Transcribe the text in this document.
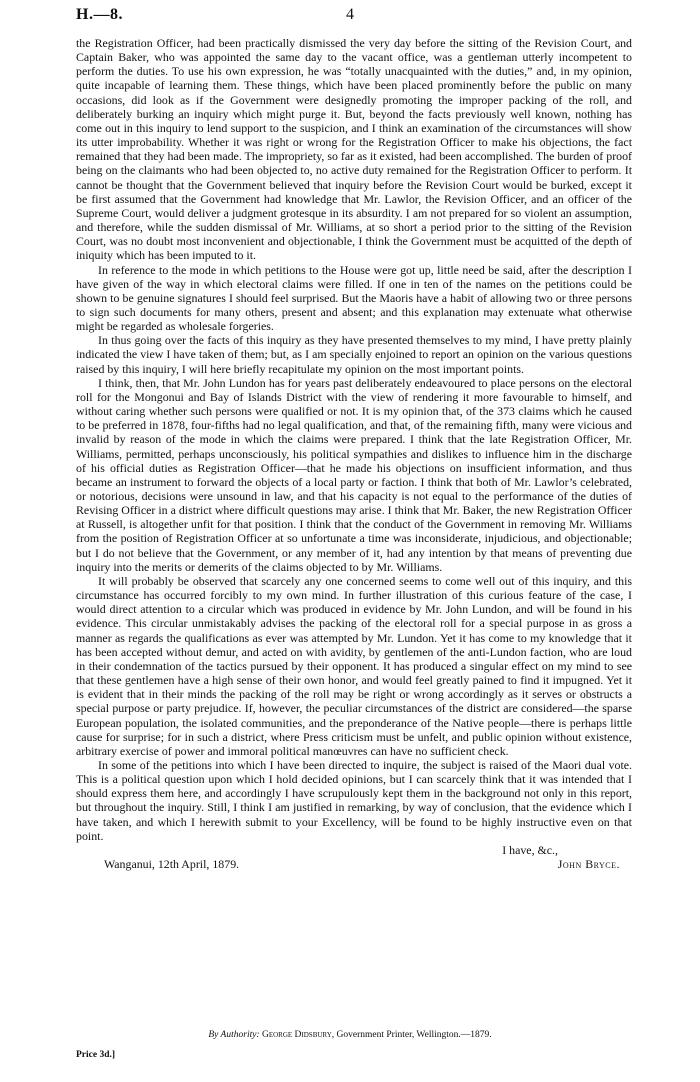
H.—8.	4

the Registration Officer, had been practically dismissed the very day before the sitting of the Revision Court, and Captain Baker, who was appointed the same day to the vacant office, was a gentleman utterly incompetent to perform the duties. To use his own expression, he was “totally unacquainted with the duties,” and, in my opinion, quite incapable of learning them. These things, which have been placed prominently before the public on many occasions, did look as if the Government were designedly promoting the improper packing of the roll, and deliberately burking an inquiry which might purge it. But, beyond the facts previously well known, nothing has come out in this inquiry to lend support to the suspicion, and I think an examination of the circumstances will show its utter improbability. Whether it was right or wrong for the Registration Officer to make his objections, the fact remained that they had been made. The impropriety, so far as it existed, had been accomplished. The burden of proof being on the claimants who had been objected to, no active duty remained for the Registration Officer to perform. It cannot be thought that the Government believed that inquiry before the Revision Court would be burked, except it be first assumed that the Government had knowledge that Mr. Lawlor, the Revision Officer, and an officer of the Supreme Court, would deliver a judgment grotesque in its absurdity. I am not prepared for so violent an assumption, and therefore, while the sudden dismissal of Mr. Williams, at so short a period prior to the sitting of the Revision Court, was no doubt most inconvenient and objectionable, I think the Government must be acquitted of the depth of iniquity which has been imputed to it.

In reference to the mode in which petitions to the House were got up, little need be said, after the description I have given of the way in which electoral claims were filled. If one in ten of the names on the petitions could be shown to be genuine signatures I should feel surprised. But the Maoris have a habit of allowing two or three persons to sign such documents for many others, present and absent; and this explanation may extenuate what otherwise might be regarded as wholesale forgeries.

In thus going over the facts of this inquiry as they have presented themselves to my mind, I have pretty plainly indicated the view I have taken of them; but, as I am specially enjoined to report an opinion on the various questions raised by this inquiry, I will here briefly recapitulate my opinion on the most important points.

I think, then, that Mr. John Lundon has for years past deliberately endeavoured to place persons on the electoral roll for the Mongonui and Bay of Islands District with the view of rendering it more favourable to himself, and without caring whether such persons were qualified or not. It is my opinion that, of the 373 claims which he caused to be preferred in 1878, four-fifths had no legal qualification, and that, of the remaining fifth, many were vicious and invalid by reason of the mode in which the claims were prepared. I think that the late Registration Officer, Mr. Williams, permitted, perhaps unconsciously, his political sympathies and dislikes to influence him in the discharge of his official duties as Registration Officer—that he made his objections on insufficient information, and thus became an instrument to forward the objects of a local party or faction. I think that both of Mr. Lawlor’s celebrated, or notorious, decisions were unsound in law, and that his capacity is not equal to the performance of the duties of Revising Officer in a district where difficult questions may arise. I think that Mr. Baker, the new Registration Officer at Russell, is altogether unfit for that position. I think that the conduct of the Government in removing Mr. Williams from the position of Registration Officer at so unfortunate a time was inconsiderate, injudicious, and objectionable; but I do not believe that the Government, or any member of it, had any intention by that means of preventing due inquiry into the merits or demerits of the claims objected to by Mr. Williams.

It will probably be observed that scarcely any one concerned seems to come well out of this inquiry, and this circumstance has occurred forcibly to my own mind. In further illustration of this curious feature of the case, I would direct attention to a circular which was produced in evidence by Mr. John Lundon, and will be found in his evidence. This circular unmistakably advises the packing of the electoral roll for a special purpose in as gross a manner as regards the qualifications as ever was attempted by Mr. Lundon. Yet it has come to my knowledge that it has been accepted without demur, and acted on with avidity, by gentlemen of the anti-Lundon faction, who are loud in their condemnation of the tactics pursued by their opponent. It has produced a singular effect on my mind to see that these gentlemen have a high sense of their own honor, and would feel greatly pained to find it impugned. Yet it is evident that in their minds the packing of the roll may be right or wrong accordingly as it serves or obstructs a special purpose or party prejudice. If, however, the peculiar circumstances of the district are considered—the sparse European population, the isolated communities, and the preponderance of the Native people—there is perhaps little cause for surprise; for in such a district, where Press criticism must be unfelt, and public opinion without existence, arbitrary exercise of power and immoral political manœuvres can have no sufficient check.

In some of the petitions into which I have been directed to inquire, the subject is raised of the Maori dual vote. This is a political question upon which I hold decided opinions, but I can scarcely think that it was intended that I should express them here, and accordingly I have scrupulously kept them in the background not only in this report, but throughout the inquiry. Still, I think I am justified in remarking, by way of conclusion, that the evidence which I have taken, and which I herewith submit to your Excellency, will be found to be highly instructive even on that point.

I have, &c.,
Wanganui, 12th April, 1879.	John Bryce.
By Authority: George Didsbury, Government Printer, Wellington.—1879.
Price 3d.]
